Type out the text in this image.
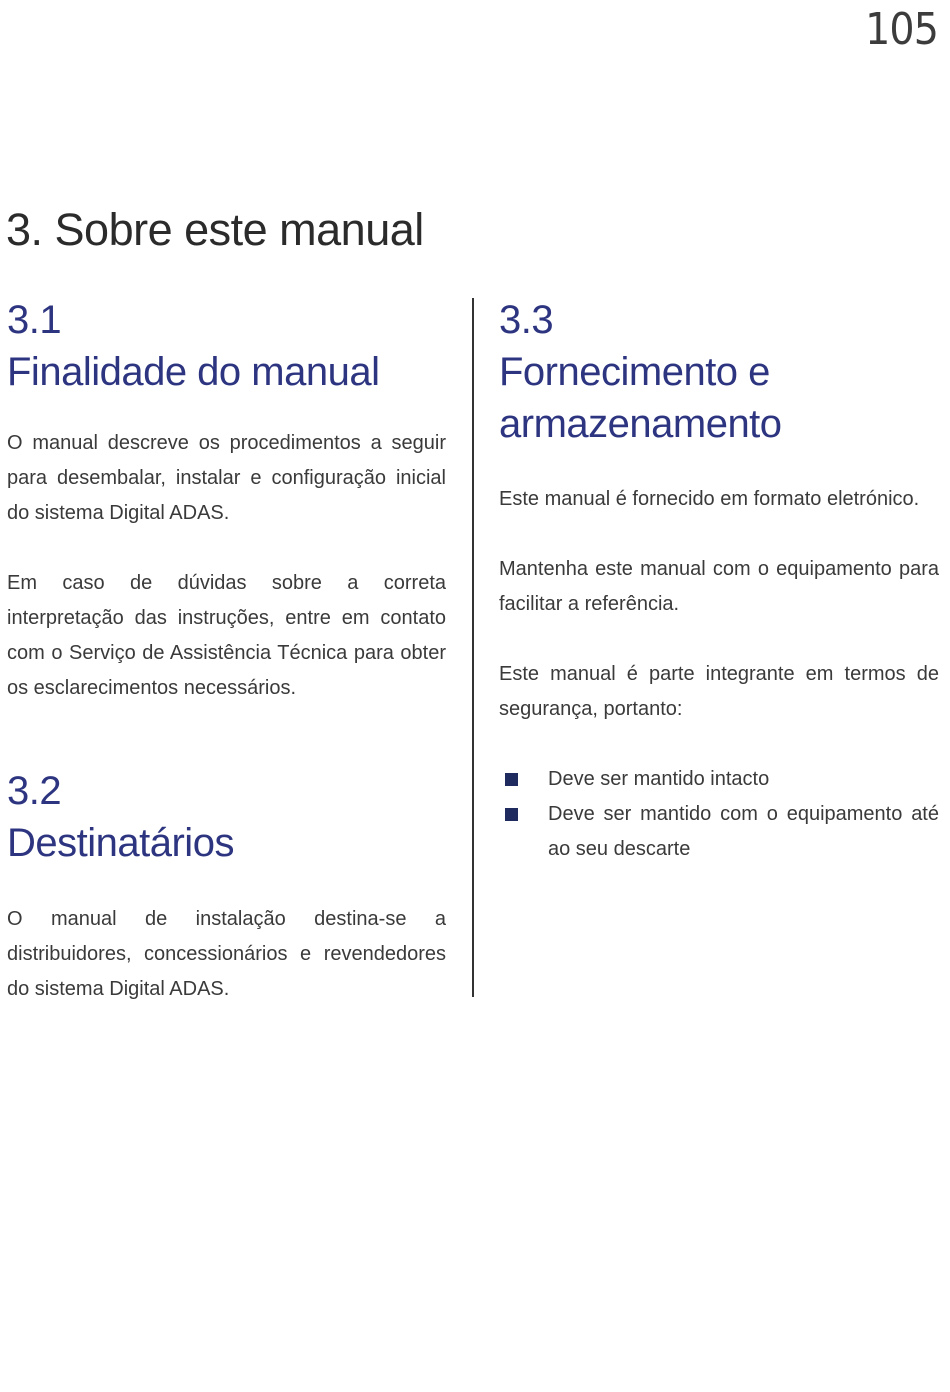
105
3. Sobre este manual
3.1
Finalidade do manual

O manual descreve os procedimentos a seguir para desembalar, instalar e configuração inicial do sistema Digital ADAS.

Em caso de dúvidas sobre a correta interpretação das instruções, entre em contato com o Serviço de Assistência Técnica para obter os esclarecimentos necessários.

3.2
Destinatários

O manual de instalação destina-se a distribuidores, concessionários e revendedores do sistema Digital ADAS.

3.3
Fornecimento e
armazenamento

Este manual é fornecido em formato eletrónico.

Mantenha este manual com o equipamento para facilitar a referência.

Este manual é parte integrante em termos de segurança, portanto:

Deve ser mantido intacto
Deve ser mantido com o equipamento até ao seu descarte
